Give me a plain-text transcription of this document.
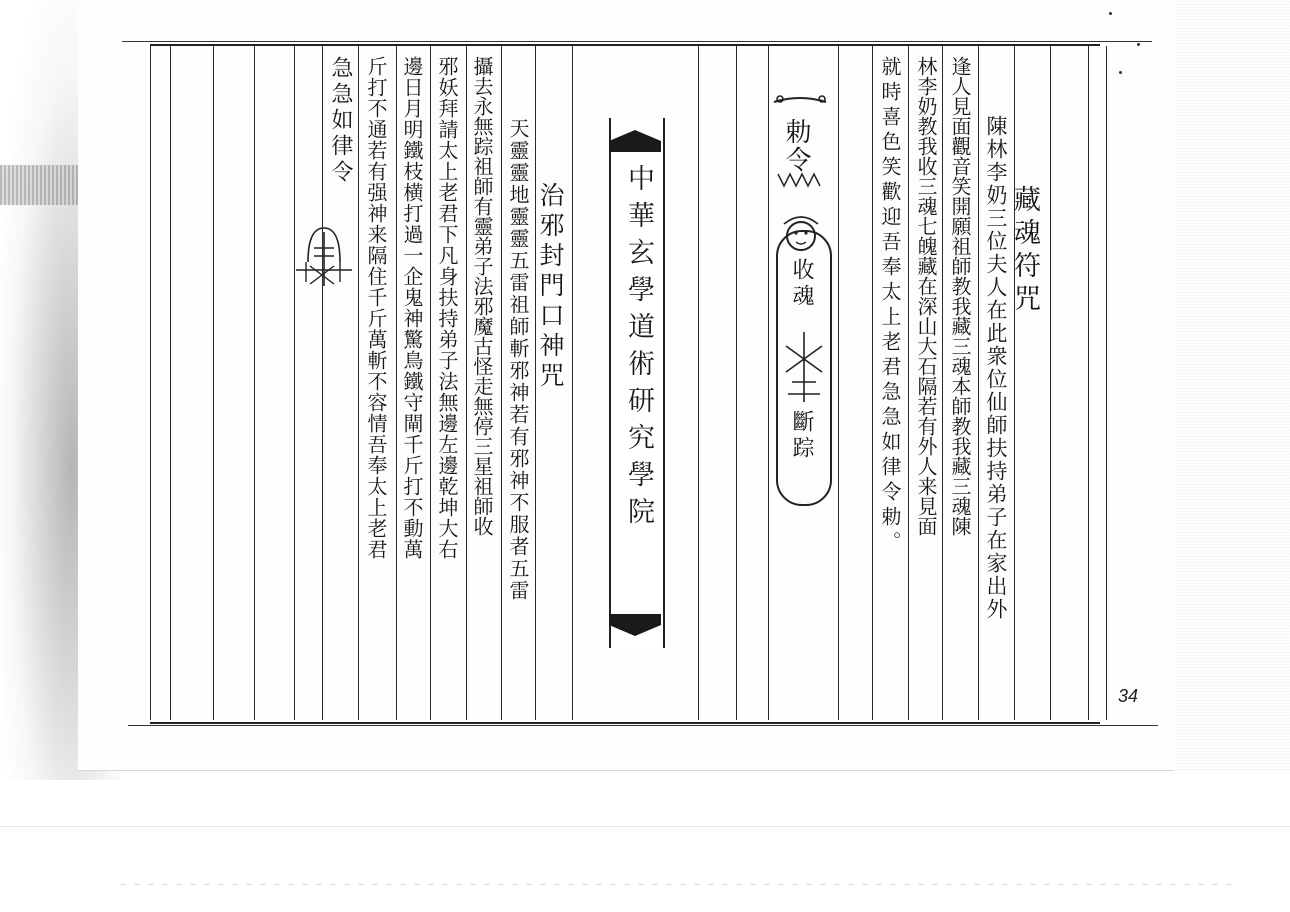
藏魂符咒
陳林李奶三位夫人在此衆位仙師扶持弟子在家出外
逢人見面觀音笑開願祖師教我藏三魂本師教我藏三魂陳
林李奶教我收三魂七魄藏在深山大石隔若有外人来見面
就時喜色笑歡迎吾奉太上老君急急如律令勅。
勅令
收魂
斷踪
中華玄學道術研究學院
治邪封門口神咒
天靈靈地靈靈五雷祖師斬邪神若有邪神不服者五雷
攝去永無踪祖師有靈弟子法邪魔古怪走無停三星祖師收
邪妖拜請太上老君下凡身扶持弟子法無邊左邊乾坤大右
邊日月明鐵枝横打過一企鬼神驚鳥鐵守閘千斤打不動萬
斤打不通若有强神来隔住千斤萬斬不容情吾奉太上老君
急急如律令
34
